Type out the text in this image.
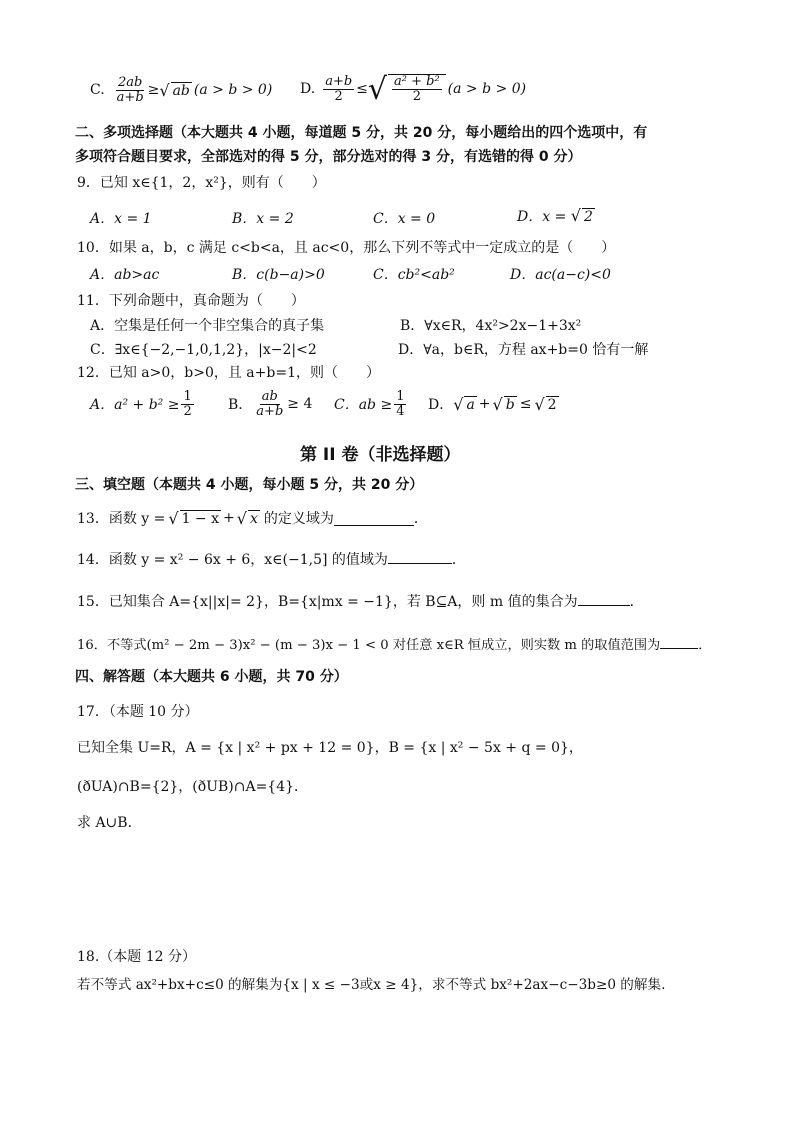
C. $\frac{2ab}{a+b}$ ≥ √ ab (a > b > 0) D. $\frac{a+b}{2}$ ≤ √ $\frac{\text{a² + b²}}{2} (a > b > 0)$
二、多项选择题（本大题共 4 小题，每道题 5 分，共 20 分，每小题给出的四个选项中，有
多项符合题目要求，全部选对的得 5 分，部分选对的得 3 分，有选错的得 0 分）
9．已知 x∈{1，2，x²}，则有（　　）
A．x = 1	B．x = 2	C．x = 0	D．x = √ 2
10．如果 a，b，c 满足 c<b<a，且 ac<0，那么下列不等式中一定成立的是（　　）
A．ab>ac	B．c(b−a)>0	C．cb²<ab²	D．ac(a−c)<0
11．下列命题中，真命题为（　　）
A．空集是任何一个非空集合的真子集	B．∀x∈R，4x²>2x−1+3x²
C．∃x∈{−2,−1,0,1,2}，|x−2|<2	D．∀a，b∈R，方程 ax+b=0 恰有一解
12．已知 a>0，b>0，且 a+b=1，则（　　）
A．$a^2 + b^2 \ge \frac{1}{2}$ B． $\frac{ab}{a+b} \ge 4$ C．ab ≥ $\frac{1}{4}$ D． √ a + √ b ≤ √ 2
第 II 卷（非选择题）
三、填空题（本题共 4 小题，每小题 5 分，共 20 分）
13．函数 y = √ 1 − x + √ x 的定义域为	．
14．函数 y = x² − 6x + 6，x∈(−1,5] 的值域为	．
15．已知集合 A={x||x|= 2}，B={x|mx = −1}，若 B⊆A，则 m 值的集合为	．
16．不等式(m² − 2m − 3)x² − (m − 3)x − 1 < 0 对任意 x∈R 恒成立，则实数 m 的取值范围为	．
四、解答题（本大题共 6 小题，共 70 分）
17．（本题 10 分）
已知全集 U=R，A = {x | x² + px + 12 = 0}，B = {x | x² − 5x + q = 0}，
(ðUA)∩B={2}，(ðUB)∩A={4}．
求 A∪B．
18.（本题 12 分）
若不等式 ax²+bx+c≤0 的解集为{x | x ≤ −3或x ≥ 4}，求不等式 bx²+2ax−c−3b≥0 的解集.
